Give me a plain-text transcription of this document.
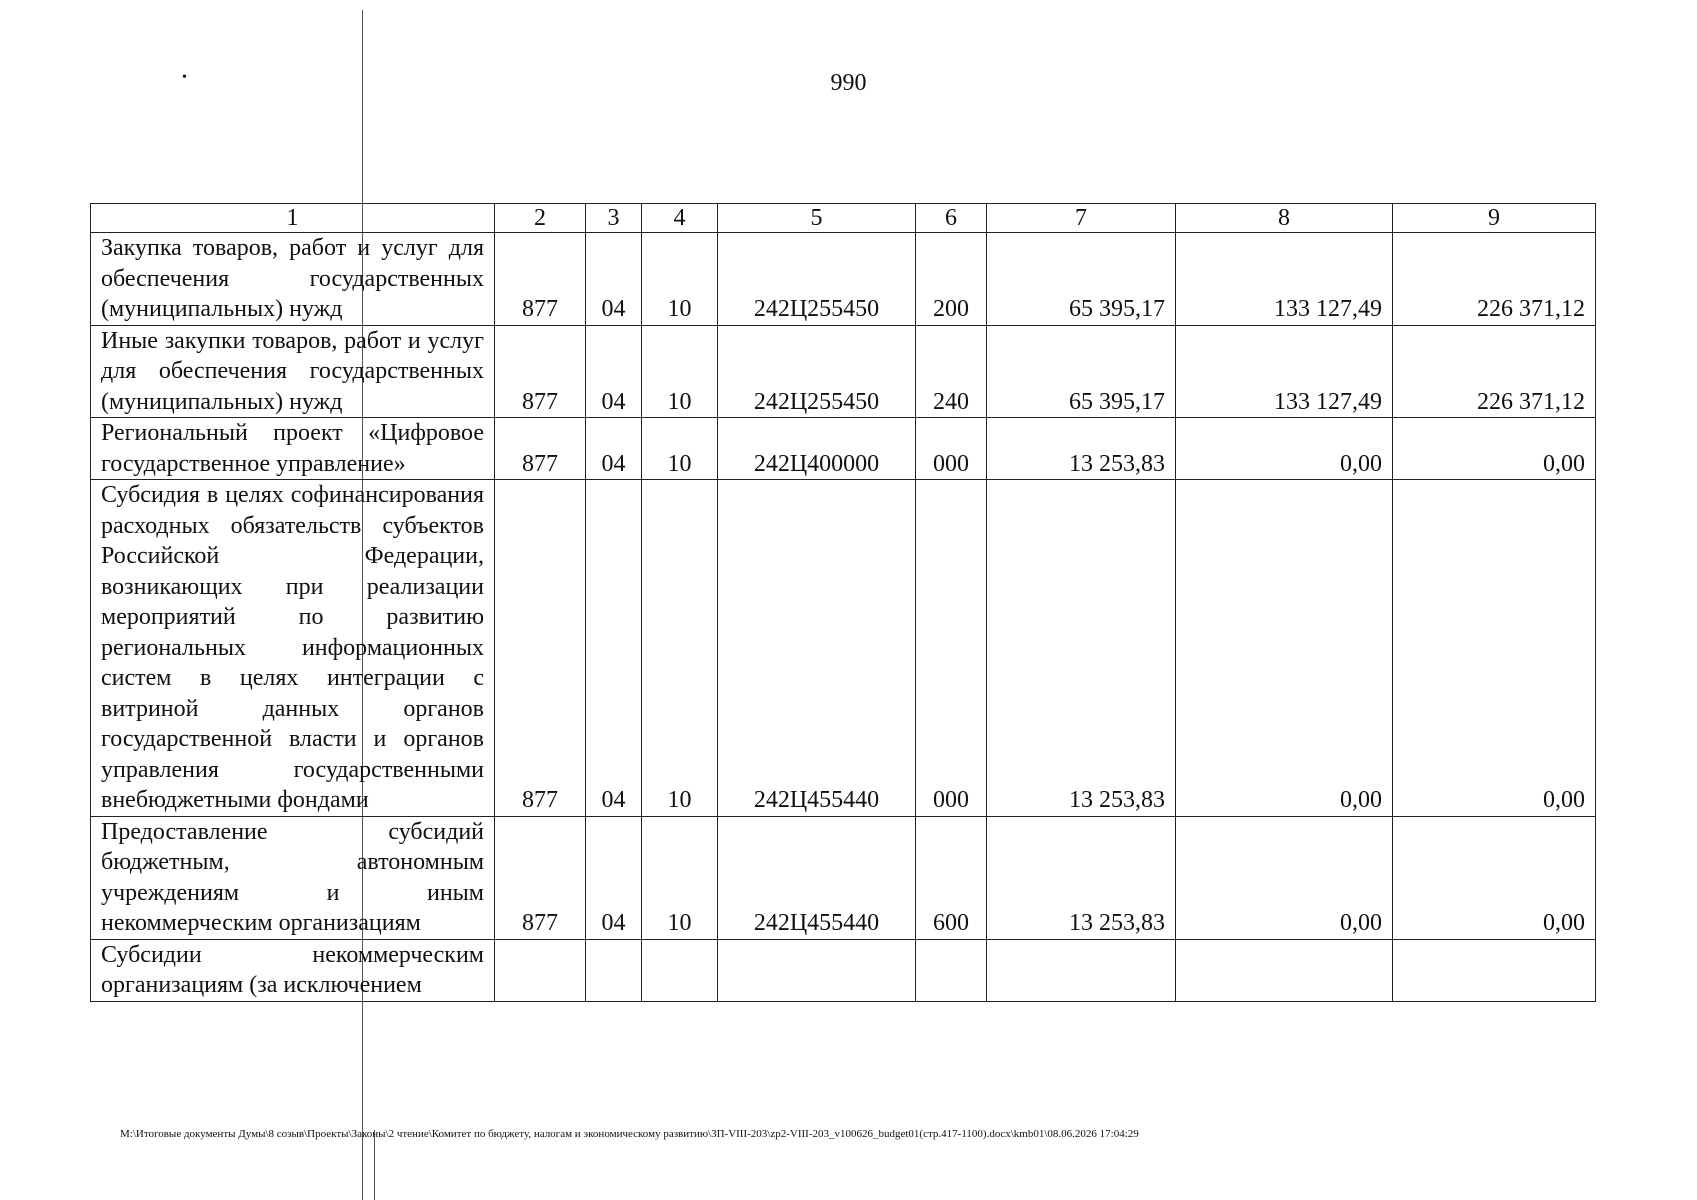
•	990
1	2	3	4	5	6	7	8	9
Закупка товаров, работ и услуг для обеспечения государственных (муниципальных) нужд	877	04	10	242Ц255450	200	65 395,17	133 127,49	226 371,12
Иные закупки товаров, работ и услуг для обеспечения государственных (муниципальных) нужд	877	04	10	242Ц255450	240	65 395,17	133 127,49	226 371,12
Региональный проект «Цифровое государственное управление»	877	04	10	242Ц400000	000	13 253,83	0,00	0,00
Субсидия в целях софинансирования расходных обязательств субъектов Российской Федерации, возникающих при реализации мероприятий по развитию региональных информационных систем в целях интеграции с витриной данных органов государственной власти и органов управления государственными внебюджетными фондами	877	04	10	242Ц455440	000	13 253,83	0,00	0,00
Предоставление субсидий бюджетным, автономным учреждениям и иным некоммерческим организациям	877	04	10	242Ц455440	600	13 253,83	0,00	0,00
Субсидии некоммерческим организациям (за исключением								
M:\Итоговые документы Думы\8 созыв\Проекты\Законы\2 чтение\Комитет по бюджету, налогам и экономическому развитию\3П-VIII-203\zp2-VIII-203_v100626_budget01(стр.417-1100).docx\kmb01\08.06.2026 17:04:29
